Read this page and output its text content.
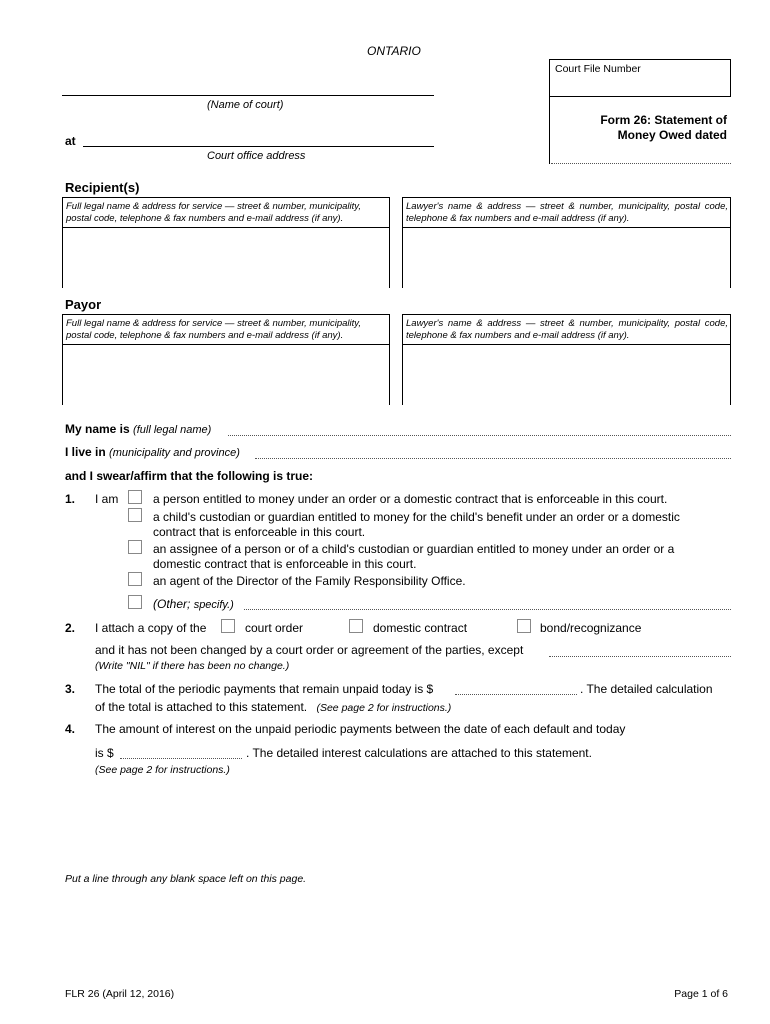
ONTARIO
Court File Number
(Name of court)
Form 26: Statement of
Money Owed dated
at
Court office address
Recipient(s)
Full legal name & address for service — street & number, municipality, postal code, telephone & fax numbers and e-mail address (if any).
Lawyer's name & address — street & number, municipality, postal code, telephone & fax numbers and e-mail address (if any).
Payor
Full legal name & address for service — street & number, municipality, postal code, telephone & fax numbers and e-mail address (if any).
Lawyer's name & address — street & number, municipality, postal code, telephone & fax numbers and e-mail address (if any).
My name is (full legal name)
I live in (municipality and province)
and I swear/affirm that the following is true:
1. I am	a person entitled to money under an order or a domestic contract that is enforceable in this court.
a child's custodian or guardian entitled to money for the child's benefit under an order or a domestic contract that is enforceable in this court.
an assignee of a person or of a child's custodian or guardian entitled to money under an order or a domestic contract that is enforceable in this court.
an agent of the Director of the Family Responsibility Office.
(Other; specify.)
2. I attach a copy of the	court order	domestic contract	bond/recognizance
and it has not been changed by a court order or agreement of the parties, except
(Write "NIL" if there has been no change.)
3. The total of the periodic payments that remain unpaid today is $	. The detailed calculation
of the total is attached to this statement. (See page 2 for instructions.)
4. The amount of interest on the unpaid periodic payments between the date of each default and today
is $	. The detailed interest calculations are attached to this statement.
(See page 2 for instructions.)
Put a line through any blank space left on this page.
FLR 26 (April 12, 2016)	Page 1 of 6
